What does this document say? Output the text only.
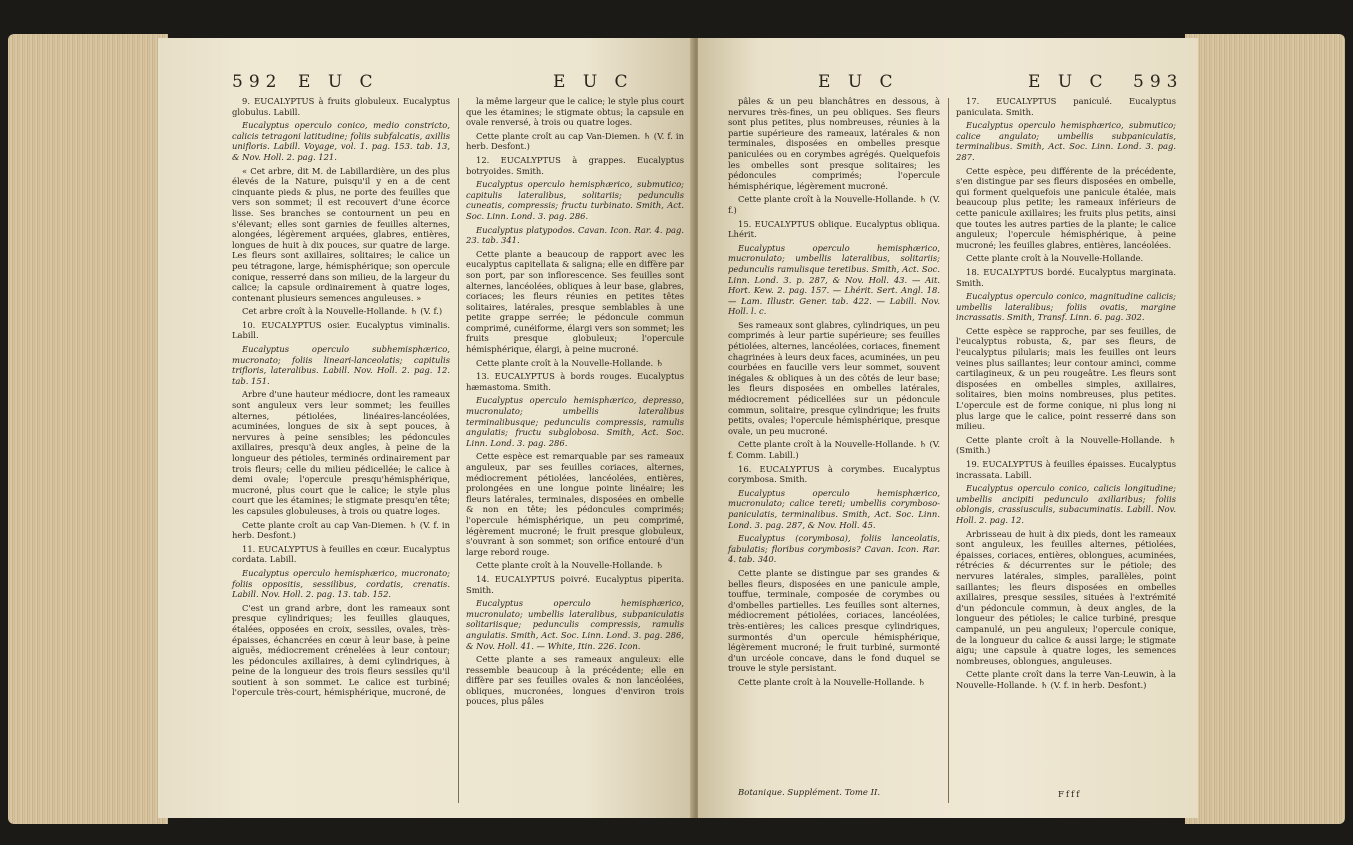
592 E U C	E U C

9. EUCALYPTUS à fruits globuleux. Eucalyptus globulus. Labill.

Eucalyptus operculo conico, medio constricto, calicis tetragoni latitudine; foliis subfalcatis, axillis unifloris. Labill. Voyage, vol. 1. pag. 153. tab. 13, & Nov. Holl. 2. pag. 121.

« Cet arbre, dit M. de Labillardière, un des plus élevés de la Nature, puisqu'il y en a de cent cinquante pieds & plus, ne porte des feuilles que vers son sommet; il est recouvert d'une écorce lisse. Ses branches se contournent un peu en s'élevant; elles sont garnies de feuilles alternes, alongées, légèrement arquées, glabres, entières, longues de huit à dix pouces, sur quatre de large. Les fleurs sont axillaires, solitaires; le calice un peu tétragone, large, hémisphérique; son opercule conique, resserré dans son milieu, de la largeur du calice; la capsule ordinairement à quatre loges, contenant plusieurs semences anguleuses. »

Cet arbre croît à la Nouvelle-Hollande. ♄ (V. f.)

10. EUCALYPTUS osier. Eucalyptus viminalis. Labill.

Eucalyptus operculo subhemisphærico, mucronato; foliis lineari-lanceolatis; capitulis trifloris, lateralibus. Labill. Nov. Holl. 2. pag. 12. tab. 151.

Arbre d'une hauteur médiocre, dont les rameaux sont anguleux vers leur sommet; les feuilles alternes, pétiolées, linéaires-lancéolées, acuminées, longues de six à sept pouces, à nervures à peine sensibles; les pédoncules axillaires, presqu'à deux angles, à peine de la longueur des pétioles, terminés ordinairement par trois fleurs; celle du milieu pédicellée; le calice à demi ovale; l'opercule presqu'hémisphérique, mucroné, plus court que le calice; le style plus court que les étamines; le stigmate presqu'en tête; les capsules globuleuses, à trois ou quatre loges.

Cette plante croît au cap Van-Diemen. ♄ (V. f. in herb. Desfont.)

11. EUCALYPTUS à feuilles en cœur. Eucalyptus cordata. Labill.

Eucalyptus operculo hemisphærico, mucronato; foliis oppositis, sessilibus, cordatis, crenatis. Labill. Nov. Holl. 2. pag. 13. tab. 152.

C'est un grand arbre, dont les rameaux sont presque cylindriques; les feuilles glauques, étalées, opposées en croix, sessiles, ovales, très-épaisses, échancrées en cœur à leur base, à peine aiguës, médiocrement crénelées à leur contour; les pédoncules axillaires, à demi cylindriques, à peine de la longueur des trois fleurs sessiles qu'il soutient à son sommet. Le calice est turbiné; l'opercule très-court, hémisphérique, mucroné, de

la même largeur que le calice; le style plus court que les étamines; le stigmate obtus; la capsule en ovale renversé, à trois ou quatre loges.

Cette plante croît au cap Van-Diemen. ♄ (V. f. in herb. Desfont.)

12. EUCALYPTUS à grappes. Eucalyptus botryoides. Smith.

Eucalyptus operculo hemisphærico, submutico; capitulis lateralibus, solitariis; pedunculis cuneatis, compressis; fructu turbinato. Smith, Act. Soc. Linn. Lond. 3. pag. 286.

Eucalyptus platypodos. Cavan. Icon. Rar. 4. pag. 23. tab. 341.

Cette plante a beaucoup de rapport avec les eucalyptus capitellata & saligna; elle en diffère par son port, par son inflorescence. Ses feuilles sont alternes, lancéolées, obliques à leur base, glabres, coriaces; les fleurs réunies en petites têtes solitaires, latérales, presque semblables à une petite grappe serrée; le pédoncule commun comprimé, cunéiforme, élargi vers son sommet; les fruits presque globuleux; l'opercule hémisphérique, élargi, à peine mucroné.

Cette plante croît à la Nouvelle-Hollande. ♄

13. EUCALYPTUS à bords rouges. Eucalyptus hæmastoma. Smith.

Eucalyptus operculo hemisphærico, depresso, mucronulato; umbellis lateralibus terminalibusque; pedunculis compressis, ramulis angulatis; fructu subglobosa. Smith, Act. Soc. Linn. Lond. 3. pag. 286.

Cette espèce est remarquable par ses rameaux anguleux, par ses feuilles coriaces, alternes, médiocrement pétiolées, lancéolées, entières, prolongées en une longue pointe linéaire; les fleurs latérales, terminales, disposées en ombelle & non en tête; les pédoncules comprimés; l'opercule hémisphérique, un peu comprimé, légèrement mucroné; le fruit presque globuleux, s'ouvrant à son sommet; son orifice entouré d'un large rebord rouge.

Cette plante croît à la Nouvelle-Hollande. ♄

14. EUCALYPTUS poivré. Eucalyptus piperita. Smith.

Eucalyptus operculo hemisphærico, mucronulato; umbellis lateralibus, subpaniculatis solitariisque; pedunculis compressis, ramulis angulatis. Smith, Act. Soc. Linn. Lond. 3. pag. 286, & Nov. Holl. 41. — White, Itin. 226. Icon.

Cette plante a ses rameaux anguleux: elle ressemble beaucoup à la précédente; elle en diffère par ses feuilles ovales & non lancéolées, obliques, mucronées, longues d'environ trois pouces, plus pâles

E U C	E U C 593

pâles & un peu blanchâtres en dessous, à nervures très-fines, un peu obliques. Ses fleurs sont plus petites, plus nombreuses, réunies à la partie supérieure des rameaux, latérales & non terminales, disposées en ombelles presque paniculées ou en corymbes agrégés. Quelquefois les ombelles sont presque solitaires; les pédoncules comprimés; l'opercule hémisphérique, légèrement mucroné.

Cette plante croît à la Nouvelle-Hollande. ♄ (V. f.)

15. EUCALYPTUS oblique. Eucalyptus obliqua. Lhérit.

Eucalyptus operculo hemisphærico, mucronulato; umbellis lateralibus, solitariis; pedunculis ramulisque teretibus. Smith, Act. Soc. Linn. Lond. 3. p. 287, & Nov. Holl. 43. — Ait. Hort. Kew. 2. pag. 157. — Lhérit. Sert. Angl. 18. — Lam. Illustr. Gener. tab. 422. — Labill. Nov. Holl. l. c.

Ses rameaux sont glabres, cylindriques, un peu comprimés à leur partie supérieure; ses feuilles pétiolées, alternes, lancéolées, coriaces, finement chagrinées à leurs deux faces, acuminées, un peu courbées en faucille vers leur sommet, souvent inégales & obliques à un des côtés de leur base; les fleurs disposées en ombelles latérales, médiocrement pédicellées sur un pédoncule commun, solitaire, presque cylindrique; les fruits petits, ovales; l'opercule hémisphérique, presque ovale, un peu mucroné.

Cette plante croît à la Nouvelle-Hollande. ♄ (V. f. Comm. Labill.)

16. EUCALYPTUS à corymbes. Eucalyptus corymbosa. Smith.

Eucalyptus operculo hemisphærico, mucronulato; calice tereti; umbellis corymboso-paniculatis, terminalibus. Smith, Act. Soc. Linn. Lond. 3. pag. 287, & Nov. Holl. 45.

Eucalyptus (corymbosa), foliis lanceolatis, fabulatis; floribus corymbosis? Cavan. Icon. Rar. 4. tab. 340.

Cette plante se distingue par ses grandes & belles fleurs, disposées en une panicule ample, touffue, terminale, composée de corymbes ou d'ombelles partielles. Les feuilles sont alternes, médiocrement pétiolées, coriaces, lancéolées, très-entières; les calices presque cylindriques, surmontés d'un opercule hémisphérique, légèrement mucroné; le fruit turbiné, surmonté d'un urcéole concave, dans le fond duquel se trouve le style persistant.

Cette plante croît à la Nouvelle-Hollande. ♄

17. EUCALYPTUS paniculé. Eucalyptus paniculata. Smith.

Eucalyptus operculo hemisphærico, submutico; calice angulato; umbellis subpaniculatis, terminalibus. Smith, Act. Soc. Linn. Lond. 3. pag. 287.

Cette espèce, peu différente de la précédente, s'en distingue par ses fleurs disposées en ombelle, qui forment quelquefois une panicule étalée, mais beaucoup plus petite; les rameaux inférieurs de cette panicule axillaires; les fruits plus petits, ainsi que toutes les autres parties de la plante; le calice anguleux; l'opercule hémisphérique, à peine mucroné; les feuilles glabres, entières, lancéolées.

Cette plante croît à la Nouvelle-Hollande.

18. EUCALYPTUS bordé. Eucalyptus marginata. Smith.

Eucalyptus operculo conico, magnitudine calicis; umbellis lateralibus; foliis ovatis, margine incrassatis. Smith, Transf. Linn. 6. pag. 302.

Cette espèce se rapproche, par ses feuilles, de l'eucalyptus robusta, &, par ses fleurs, de l'eucalyptus pilularis; mais les feuilles ont leurs veines plus saillantes; leur contour aminci, comme cartilagineux, & un peu rougeâtre. Les fleurs sont disposées en ombelles simples, axillaires, solitaires, bien moins nombreuses, plus petites. L'opercule est de forme conique, ni plus long ni plus large que le calice, point resserré dans son milieu.

Cette plante croît à la Nouvelle-Hollande. ♄ (Smith.)

19. EUCALYPTUS à feuilles épaisses. Eucalyptus incrassata. Labill.

Eucalyptus operculo conico, calicis longitudine; umbellis ancipiti pedunculo axillaribus; foliis oblongis, crassiusculis, subacuminatis. Labill. Nov. Holl. 2. pag. 12.

Arbrisseau de huit à dix pieds, dont les rameaux sont anguleux, les feuilles alternes, pétiolées, épaisses, coriaces, entières, oblongues, acuminées, rétrécies & décurrentes sur le pétiole; des nervures latérales, simples, parallèles, point saillantes; les fleurs disposées en ombelles axillaires, presque sessiles, situées à l'extrémité d'un pédoncule commun, à deux angles, de la longueur des pétioles; le calice turbiné, presque campanulé, un peu anguleux; l'opercule conique, de la longueur du calice & aussi large; le stigmate aigu; une capsule à quatre loges, les semences nombreuses, oblongues, anguleuses.

Cette plante croît dans la terre Van-Leuwin, à la Nouvelle-Hollande. ♄ (V. f. in herb. Desfont.)

Botanique. Supplément. Tome II.	Ffff
